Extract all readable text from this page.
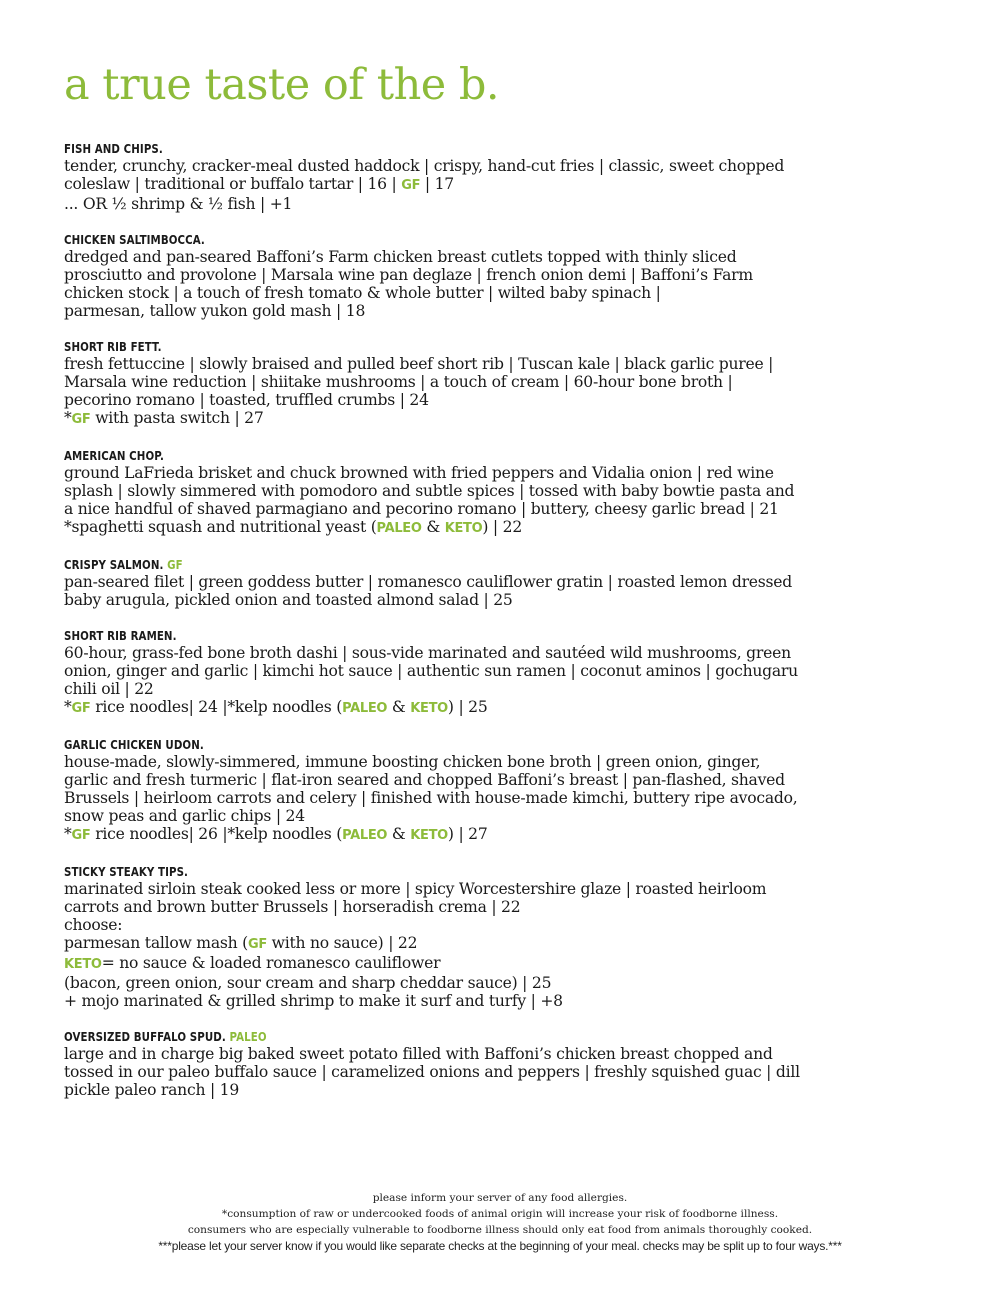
a true taste of the b.
FISH AND CHIPS.
tender, crunchy, cracker-meal dusted haddock | crispy, hand-cut fries | classic, sweet chopped
coleslaw | traditional or buffalo tartar | 16 | GF | 17
... OR ½ shrimp & ½ fish | +1
CHICKEN SALTIMBOCCA.
dredged and pan-seared Baffoni’s Farm chicken breast cutlets topped with thinly sliced
prosciutto and provolone | Marsala wine pan deglaze | french onion demi | Baffoni’s Farm
chicken stock | a touch of fresh tomato & whole butter | wilted baby spinach |
parmesan, tallow yukon gold mash | 18
SHORT RIB FETT.
fresh fettuccine | slowly braised and pulled beef short rib | Tuscan kale | black garlic puree |
Marsala wine reduction | shiitake mushrooms | a touch of cream | 60-hour bone broth |
pecorino romano | toasted, truffled crumbs | 24
*GF with pasta switch | 27
AMERICAN CHOP.
ground LaFrieda brisket and chuck browned with fried peppers and Vidalia onion | red wine
splash | slowly simmered with pomodoro and subtle spices | tossed with baby bowtie pasta and
a nice handful of shaved parmagiano and pecorino romano | buttery, cheesy garlic bread | 21
*spaghetti squash and nutritional yeast (PALEO & KETO) | 22
CRISPY SALMON. GF
pan-seared filet | green goddess butter | romanesco cauliflower gratin | roasted lemon dressed
baby arugula, pickled onion and toasted almond salad | 25
SHORT RIB RAMEN.
60-hour, grass-fed bone broth dashi | sous-vide marinated and sautéed wild mushrooms, green
onion, ginger and garlic | kimchi hot sauce | authentic sun ramen | coconut aminos | gochugaru
chili oil | 22
*GF rice noodles| 24 |*kelp noodles (PALEO & KETO) | 25
GARLIC CHICKEN UDON.
house-made, slowly-simmered, immune boosting chicken bone broth | green onion, ginger,
garlic and fresh turmeric | flat-iron seared and chopped Baffoni’s breast | pan-flashed, shaved
Brussels | heirloom carrots and celery | finished with house-made kimchi, buttery ripe avocado,
snow peas and garlic chips | 24
*GF rice noodles| 26 |*kelp noodles (PALEO & KETO) | 27
STICKY STEAKY TIPS.
marinated sirloin steak cooked less or more | spicy Worcestershire glaze | roasted heirloom
carrots and brown butter Brussels | horseradish crema | 22
choose:
parmesan tallow mash (GF with no sauce) | 22
KETO= no sauce & loaded romanesco cauliflower
(bacon, green onion, sour cream and sharp cheddar sauce) | 25
+ mojo marinated & grilled shrimp to make it surf and turfy | +8
OVERSIZED BUFFALO SPUD. PALEO
large and in charge big baked sweet potato filled with Baffoni’s chicken breast chopped and
tossed in our paleo buffalo sauce | caramelized onions and peppers | freshly squished guac | dill
pickle paleo ranch | 19
please inform your server of any food allergies.
*consumption of raw or undercooked foods of animal origin will increase your risk of foodborne illness.
consumers who are especially vulnerable to foodborne illness should only eat food from animals thoroughly cooked.
***please let your server know if you would like separate checks at the beginning of your meal. checks may be split up to four ways.***
